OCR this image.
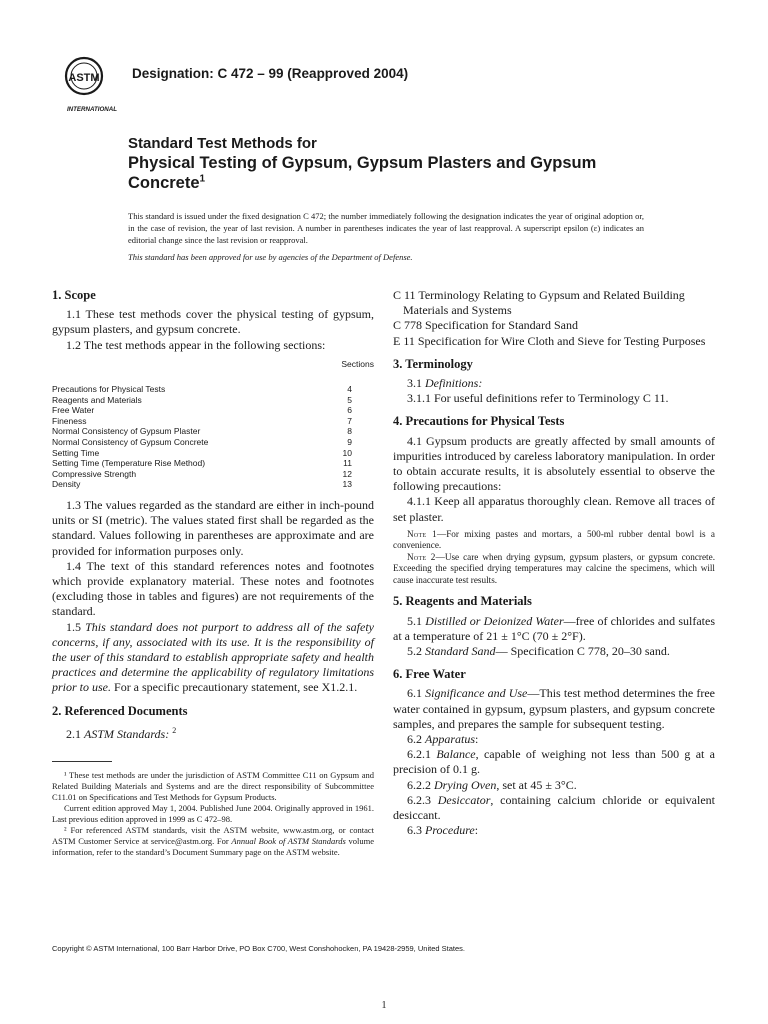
ASTM
INTERNATIONAL
Designation: C 472 – 99 (Reapproved 2004)
Standard Test Methods for
Physical Testing of Gypsum, Gypsum Plasters and Gypsum
Concrete$^1$
This standard is issued under the fixed designation C 472; the number immediately following the designation indicates the year of original adoption or, in the case of revision, the year of last revision. A number in parentheses indicates the year of last reapproval. A superscript epsilon (ε) indicates an editorial change since the last revision or reapproval.
This standard has been approved for use by agencies of the Department of Defense.
1. Scope

1.1 These test methods cover the physical testing of gypsum, gypsum plasters, and gypsum concrete.

1.2 The test methods appear in the following sections:

Sections
Precautions for Physical Tests	4
Reagents and Materials	5
Free Water	6
Fineness	7
Normal Consistency of Gypsum Plaster	8
Normal Consistency of Gypsum Concrete	9
Setting Time	10
Setting Time (Temperature Rise Method)	11
Compressive Strength	12
Density	13

1.3 The values regarded as the standard are either in inch-pound units or SI (metric). The values stated first shall be regarded as the standard. Values following in parentheses are approximate and are provided for information purposes only.

1.4 The text of this standard references notes and footnotes which provide explanatory material. These notes and footnotes (excluding those in tables and figures) are not requirements of the standard.

1.5 This standard does not purport to address all of the safety concerns, if any, associated with its use. It is the responsibility of the user of this standard to establish appropriate safety and health practices and determine the applicability of regulatory limitations prior to use. For a specific precautionary statement, see X1.2.1.

2. Referenced Documents

2.1 ASTM Standards: $^2$

¹ These test methods are under the jurisdiction of ASTM Committee C11 on Gypsum and Related Building Materials and Systems and are the direct responsibility of Subcommittee C11.01 on Specifications and Test Methods for Gypsum Products.

Current edition approved May 1, 2004. Published June 2004. Originally approved in 1961. Last previous edition approved in 1999 as C 472–98.

² For referenced ASTM standards, visit the ASTM website, www.astm.org, or contact ASTM Customer Service at service@astm.org. For Annual Book of ASTM Standards volume information, refer to the standard’s Document Summary page on the ASTM website.

C 11 Terminology Relating to Gypsum and Related Building Materials and Systems

C 778 Specification for Standard Sand

E 11 Specification for Wire Cloth and Sieve for Testing Purposes

3. Terminology

3.1 Definitions:

3.1.1 For useful definitions refer to Terminology C 11.

4. Precautions for Physical Tests

4.1 Gypsum products are greatly affected by small amounts of impurities introduced by careless laboratory manipulation. In order to obtain accurate results, it is absolutely essential to observe the following precautions:

4.1.1 Keep all apparatus thoroughly clean. Remove all traces of set plaster.

Note 1—For mixing pastes and mortars, a 500-ml rubber dental bowl is a convenience.

Note 2—Use care when drying gypsum, gypsum plasters, or gypsum concrete. Exceeding the specified drying temperatures may calcine the specimens, which will cause inaccurate test results.

5. Reagents and Materials

5.1 Distilled or Deionized Water—free of chlorides and sulfates at a temperature of 21 ± 1°C (70 ± 2°F).

5.2 Standard Sand— Specification C 778, 20–30 sand.

6. Free Water

6.1 Significance and Use—This test method determines the free water contained in gypsum, gypsum plasters, and gypsum concrete samples, and prepares the sample for subsequent testing.

6.2 Apparatus:

6.2.1 Balance, capable of weighing not less than 500 g at a precision of 0.1 g.

6.2.2 Drying Oven, set at 45 ± 3°C.

6.2.3 Desiccator, containing calcium chloride or equivalent desiccant.

6.3 Procedure:

Copyright © ASTM International, 100 Barr Harbor Drive, PO Box C700, West Conshohocken, PA 19428-2959, United States.
1
